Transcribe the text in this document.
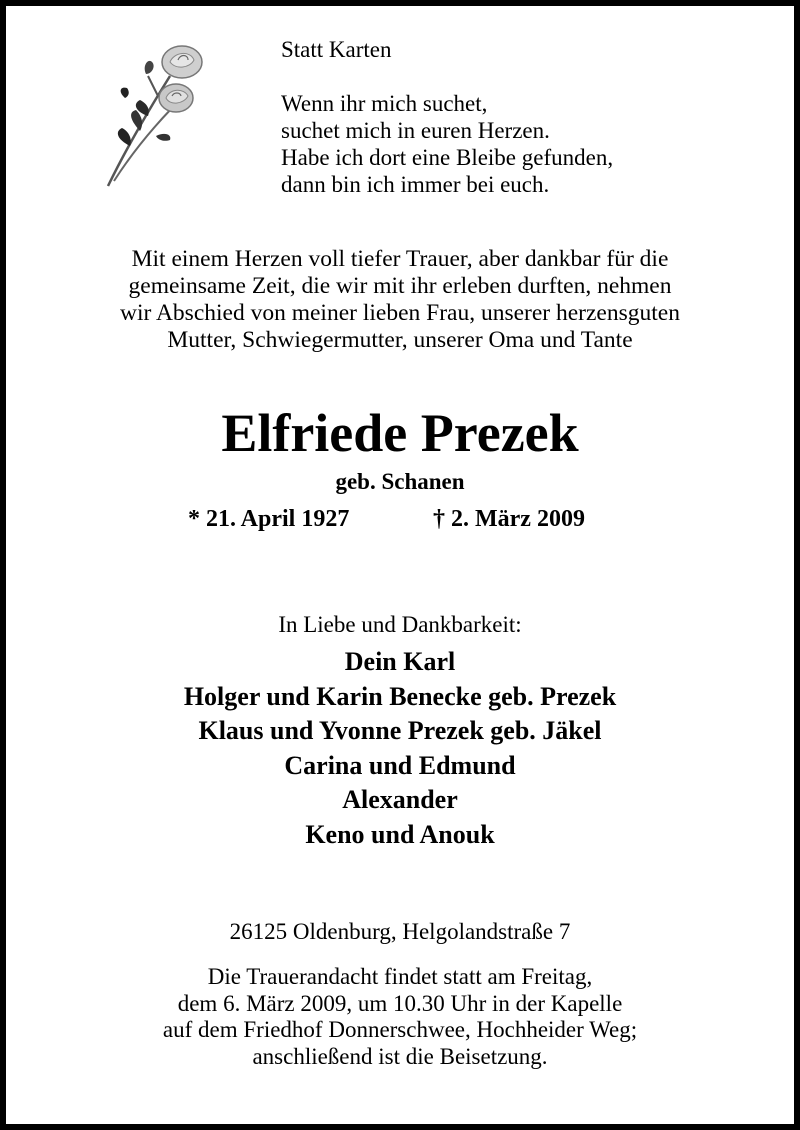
Statt Karten
Wenn ihr mich suchet,
suchet mich in euren Herzen.
Habe ich dort eine Bleibe gefunden,
dann bin ich immer bei euch.
Mit einem Herzen voll tiefer Trauer, aber dankbar für die
gemeinsame Zeit, die wir mit ihr erleben durften, nehmen
wir Abschied von meiner lieben Frau, unserer herzensguten
Mutter, Schwiegermutter, unserer Oma und Tante
Elfriede Prezek
geb. Schanen
* 21. April 1927	† 2. März 2009
In Liebe und Dankbarkeit:
Dein Karl
Holger und Karin Benecke geb. Prezek
Klaus und Yvonne Prezek geb. Jäkel
Carina und Edmund
Alexander
Keno und Anouk
26125 Oldenburg, Helgolandstraße 7
Die Trauerandacht findet statt am Freitag,
dem 6. März 2009, um 10.30 Uhr in der Kapelle
auf dem Friedhof Donnerschwee, Hochheider Weg;
anschließend ist die Beisetzung.
